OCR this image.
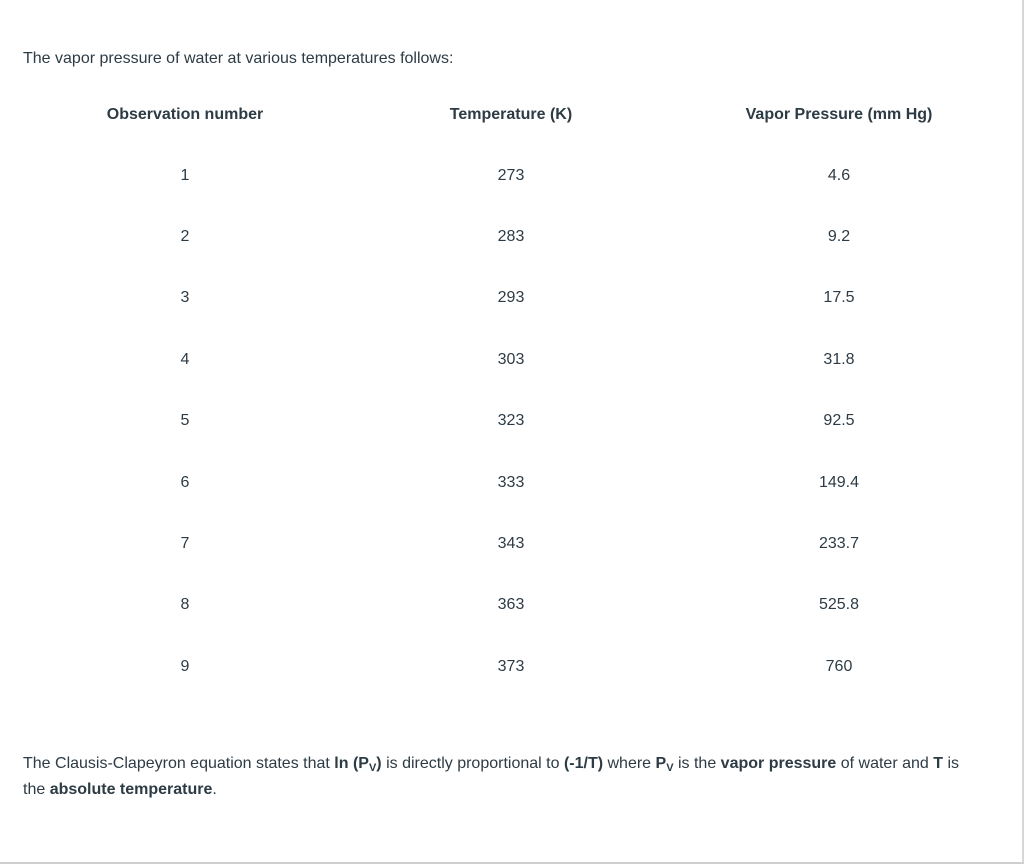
The vapor pressure of water at various temperatures follows:

Observation number	Temperature (K)	Vapor Pressure (mm Hg)
1	273	4.6
2	283	9.2
3	293	17.5
4	303	31.8
5	323	92.5
6	333	149.4
7	343	233.7
8	363	525.8
9	373	760

The Clausis-Clapeyron equation states that $\ln (P_V)$ is directly proportional to (-1/T) where $P_V$ is the vapor pressure of water and T is the absolute temperature.
